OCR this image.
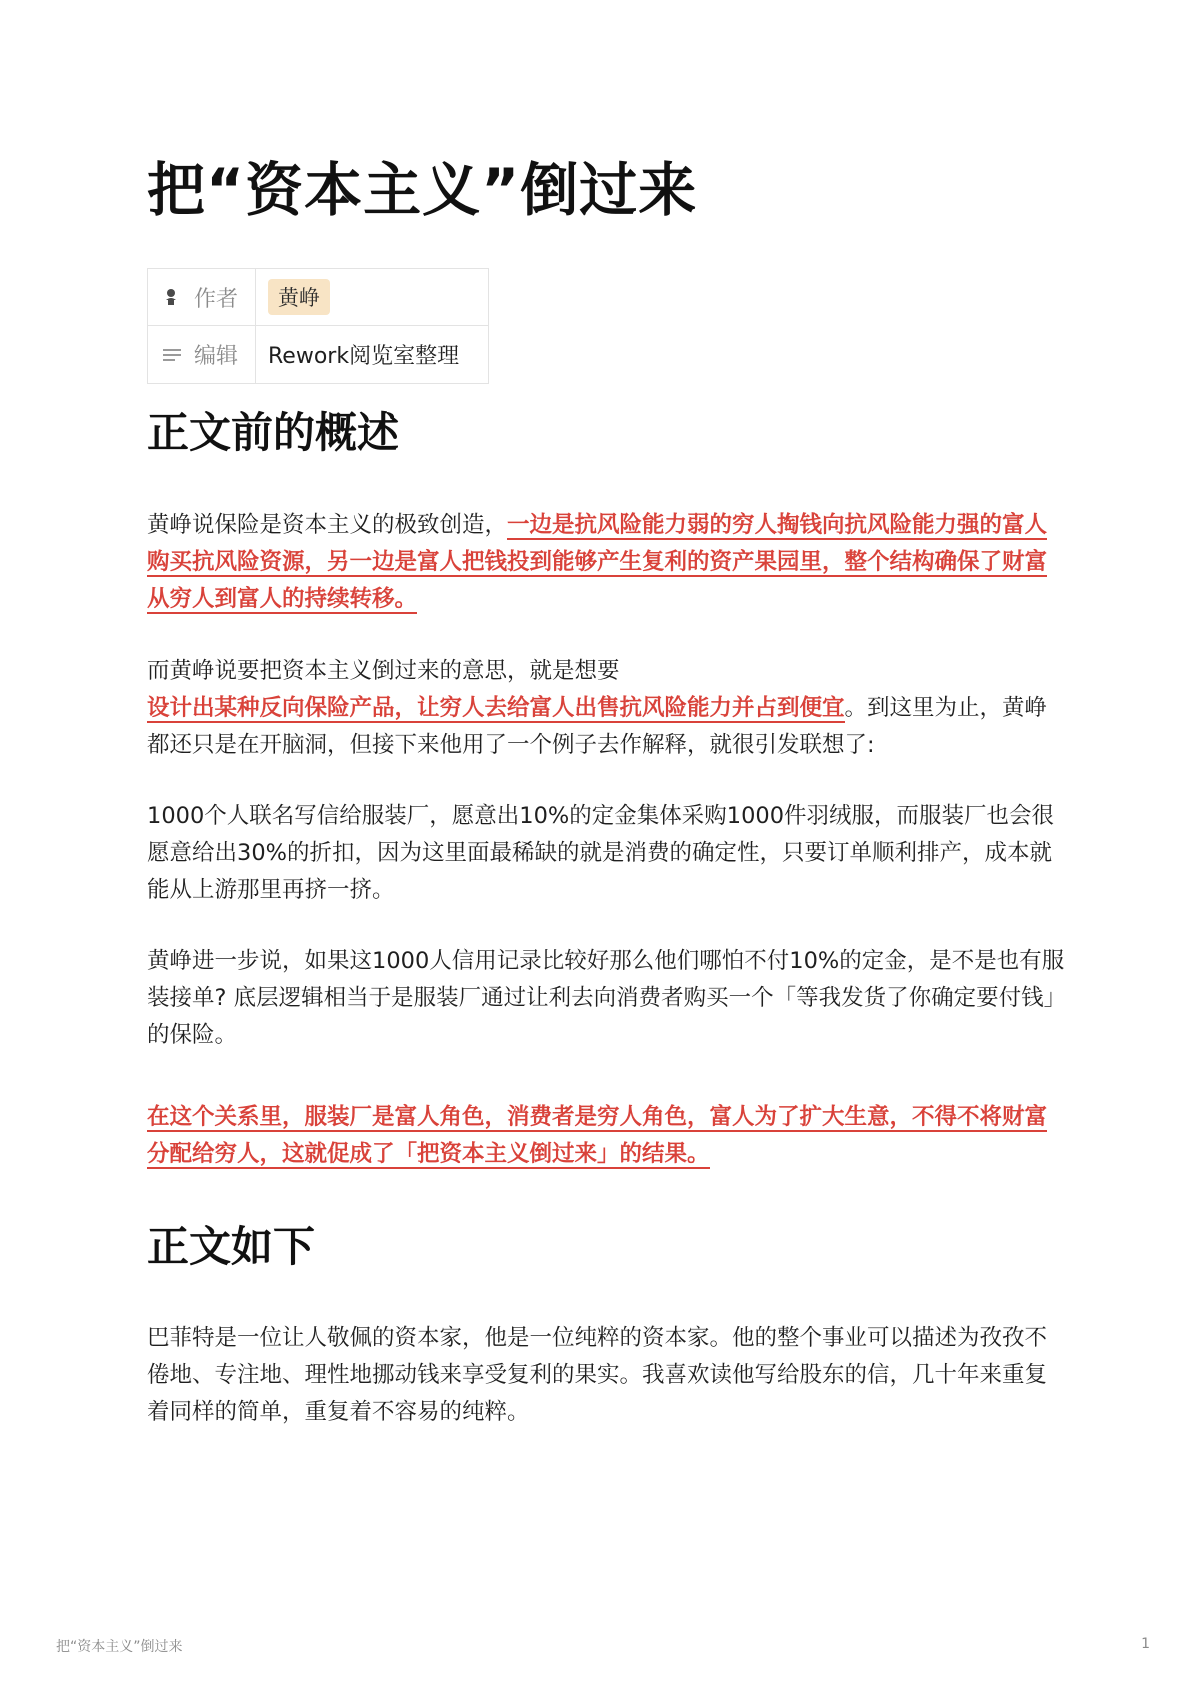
把“资本主义”倒过来
作者	黄峥
编辑	Rework阅览室整理
正文前的概述
黄峥说保险是资本主义的极致创造，一边是抗风险能力弱的穷人掏钱向抗风险能力强的富人购买抗风险资源，另一边是富人把钱投到能够产生复利的资产果园里，整个结构确保了财富从穷人到富人的持续转移。
而黄峥说要把资本主义倒过来的意思，就是想要
设计出某种反向保险产品，让穷人去给富人出售抗风险能力并占到便宜。到这里为止，黄峥都还只是在开脑洞，但接下来他用了一个例子去作解释，就很引发联想了:
1000个人联名写信给服装厂，愿意出10%的定金集体采购1000件羽绒服，而服装厂也会很愿意给出30%的折扣，因为这里面最稀缺的就是消费的确定性，只要订单顺利排产，成本就能从上游那里再挤一挤。
黄峥进一步说，如果这1000人信用记录比较好那么他们哪怕不付10%的定金，是不是也有服装接单? 底层逻辑相当于是服装厂通过让利去向消费者购买一个「等我发货了你确定要付钱」的保险。
在这个关系里，服装厂是富人角色，消费者是穷人角色，富人为了扩大生意，不得不将财富分配给穷人，这就促成了「把资本主义倒过来」的结果。
正文如下
巴菲特是一位让人敬佩的资本家，他是一位纯粹的资本家。他的整个事业可以描述为孜孜不倦地、专注地、理性地挪动钱来享受复利的果实。我喜欢读他写给股东的信，几十年来重复着同样的简单，重复着不容易的纯粹。
把“资本主义”倒过来	1
